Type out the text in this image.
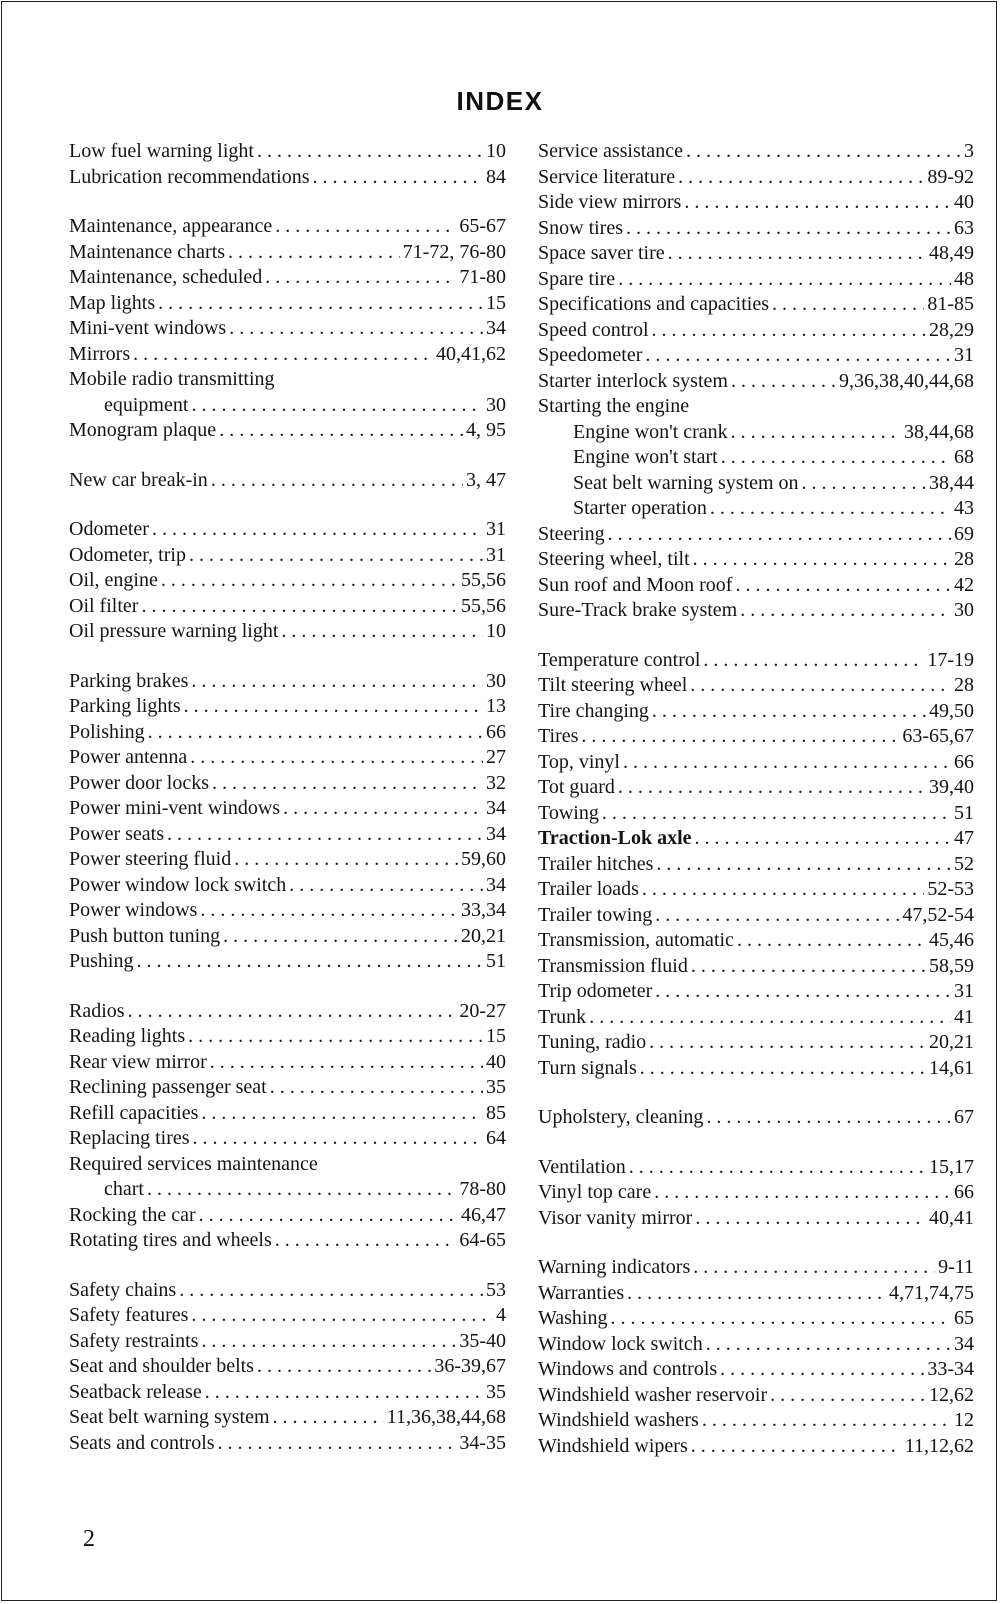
INDEX
Low fuel warning light . . .	10
Lubrication recommendations . . .	84
Maintenance, appearance . . .	65-67
Maintenance charts . . .	71-72, 76-80
Maintenance, scheduled . . .	71-80
Map lights . . .	15
Mini-vent windows . . .	34
Mirrors . . .	40,41,62
Mobile radio transmitting
equipment . . .	30
Monogram plaque . . .	4, 95
New car break-in . . .	3, 47
Odometer . . .	31
Odometer, trip . . .	31
Oil, engine . . .	55,56
Oil filter . . .	55,56
Oil pressure warning light . . .	10
Parking brakes . . .	30
Parking lights . . .	13
Polishing . . .	66
Power antenna . . .	27
Power door locks . . .	32
Power mini-vent windows . . .	34
Power seats . . .	34
Power steering fluid . . .	59,60
Power window lock switch . . .	34
Power windows . . .	33,34
Push button tuning . . .	20,21
Pushing . . .	51
Radios . . .	20-27
Reading lights . . .	15
Rear view mirror . . .	40
Reclining passenger seat . . .	35
Refill capacities . . .	85
Replacing tires . . .	64
Required services maintenance
chart . . .	78-80
Rocking the car . . .	46,47
Rotating tires and wheels . . .	64-65
Safety chains . . .	53
Safety features . . .	4
Safety restraints . . .	35-40
Seat and shoulder belts . . .	36-39,67
Seatback release . . .	35
Seat belt warning system . . .	11,36,38,44,68
Seats and controls . . .	34-35
Service assistance . . .	3
Service literature . . .	89-92
Side view mirrors . . .	40
Snow tires . . .	63
Space saver tire . . .	48,49
Spare tire . . .	48
Specifications and capacities . . .	81-85
Speed control . . .	28,29
Speedometer . . .	31
Starter interlock system . . .	9,36,38,40,44,68
Starting the engine
Engine won't crank . . .	38,44,68
Engine won't start . . .	68
Seat belt warning system on . . .	38,44
Starter operation . . .	43
Steering . . .	69
Steering wheel, tilt . . .	28
Sun roof and Moon roof . . .	42
Sure-Track brake system . . .	30
Temperature control . . .	17-19
Tilt steering wheel . . .	28
Tire changing . . .	49,50
Tires . . .	63-65,67
Top, vinyl . . .	66
Tot guard . . .	39,40
Towing . . .	51
Traction-Lok axle . . .	47
Trailer hitches . . .	52
Trailer loads . . .	52-53
Trailer towing . . .	47,52-54
Transmission, automatic . . .	45,46
Transmission fluid . . .	58,59
Trip odometer . . .	31
Trunk . . .	41
Tuning, radio . . .	20,21
Turn signals . . .	14,61
Upholstery, cleaning . . .	67
Ventilation . . .	15,17
Vinyl top care . . .	66
Visor vanity mirror . . .	40,41
Warning indicators . . .	9-11
Warranties . . .	4,71,74,75
Washing . . .	65
Window lock switch . . .	34
Windows and controls . . .	33-34
Windshield washer reservoir . . .	12,62
Windshield washers . . .	12
Windshield wipers . . .	11,12,62
2
